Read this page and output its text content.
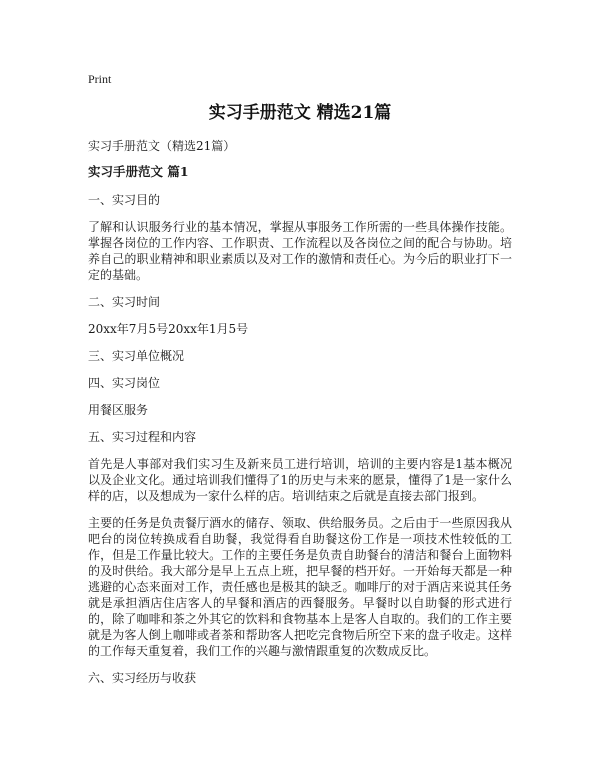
Print
实习手册范文 精选21篇
实习手册范文（精选21篇）
实习手册范文 篇1

一、实习目的

了解和认识服务行业的基本情况，掌握从事服务工作所需的一些具体操作技能。掌握各岗位的工作内容、工作职责、工作流程以及各岗位之间的配合与协助。培养自己的职业精神和职业素质以及对工作的激情和责任心。为今后的职业打下一定的基础。

二、实习时间

20xx年7月5号20xx年1月5号

三、实习单位概况

四、实习岗位

用餐区服务

五、实习过程和内容

首先是人事部对我们实习生及新来员工进行培训，培训的主要内容是1基本概况以及企业文化。通过培训我们懂得了1的历史与未来的愿景，懂得了1是一家什么样的店，以及想成为一家什么样的店。培训结束之后就是直接去部门报到。

主要的任务是负责餐厅酒水的储存、领取、供给服务员。之后由于一些原因我从吧台的岗位转换成看自助餐，我觉得看自助餐这份工作是一项技术性较低的工作，但是工作量比较大。工作的主要任务是负责自助餐台的清洁和餐台上面物料的及时供给。我大部分是早上五点上班，把早餐的档开好。一开始每天都是一种逃避的心态来面对工作，责任感也是极其的缺乏。咖啡厅的对于酒店来说其任务就是承担酒店住店客人的早餐和酒店的西餐服务。早餐时以自助餐的形式进行的，除了咖啡和茶之外其它的饮料和食物基本上是客人自取的。我们的工作主要就是为客人倒上咖啡或者茶和帮助客人把吃完食物后所空下来的盘子收走。这样的工作每天重复着，我们工作的兴趣与激情跟重复的次数成反比。

六、实习经历与收获
